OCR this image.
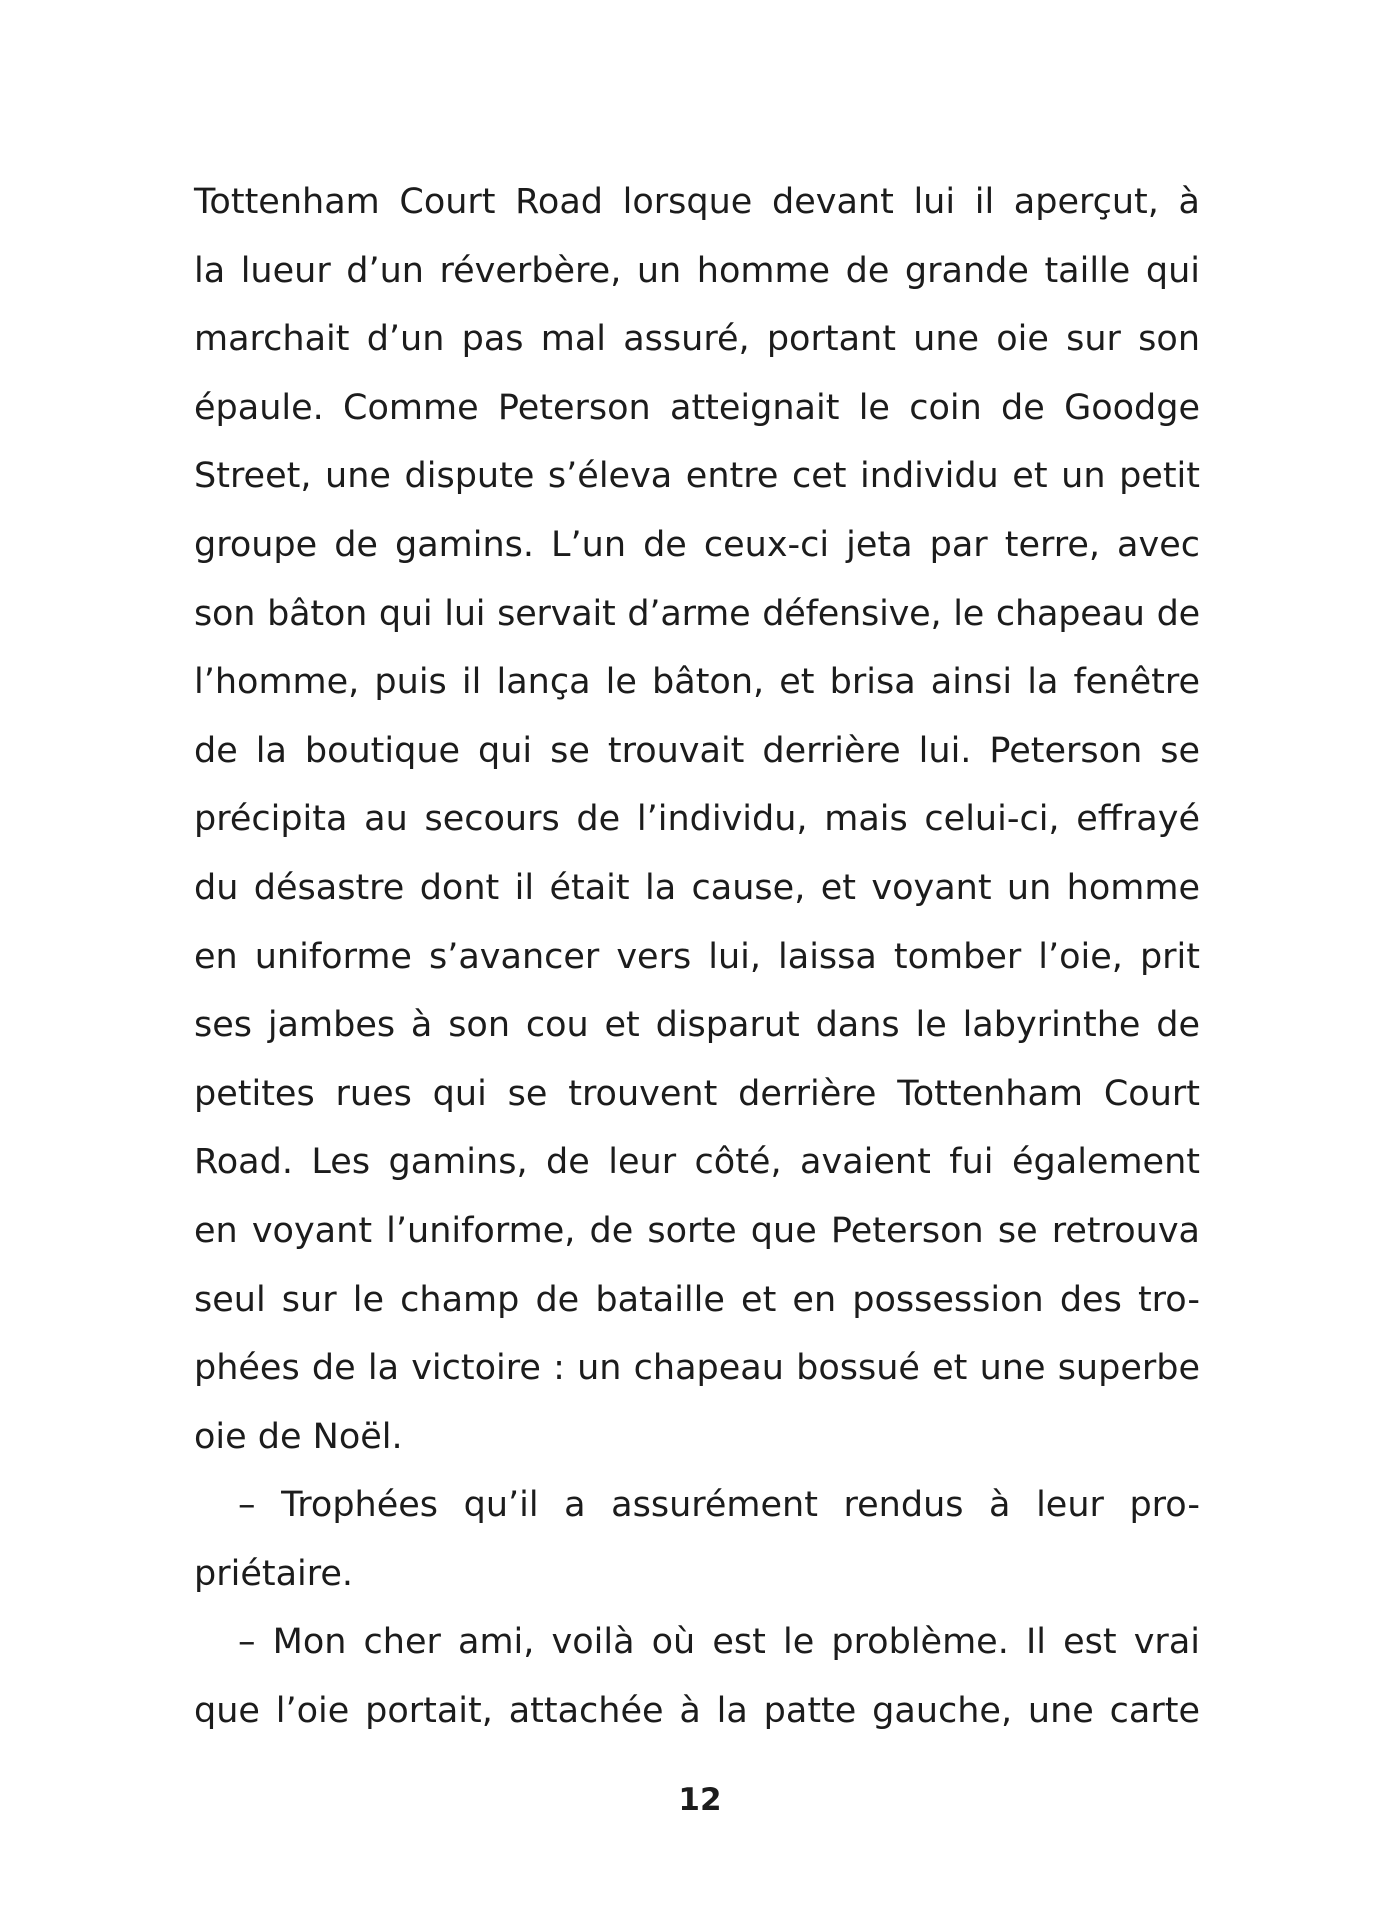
Tottenham Court Road lorsque devant lui il aperçut, à
la lueur d’un réverbère, un homme de grande taille qui
marchait d’un pas mal assuré, portant une oie sur son
épaule. Comme Peterson atteignait le coin de Goodge
Street, une dispute s’éleva entre cet individu et un petit
groupe de gamins. L’un de ceux-ci jeta par terre, avec
son bâton qui lui servait d’arme défensive, le chapeau de
l’homme, puis il lança le bâton, et brisa ainsi la fenêtre
de la boutique qui se trouvait derrière lui. Peterson se
précipita au secours de l’individu, mais celui-ci, effrayé
du désastre dont il était la cause, et voyant un homme
en uniforme s’avancer vers lui, laissa tomber l’oie, prit
ses jambes à son cou et disparut dans le labyrinthe de
petites rues qui se trouvent derrière Tottenham Court
Road. Les gamins, de leur côté, avaient fui également
en voyant l’uniforme, de sorte que Peterson se retrouva
seul sur le champ de bataille et en possession des tro-
phées de la victoire : un chapeau bossué et une superbe
oie de Noël.
– Trophées qu’il a assurément rendus à leur pro-
priétaire.
– Mon cher ami, voilà où est le problème. Il est vrai
que l’oie portait, attachée à la patte gauche, une carte
12
